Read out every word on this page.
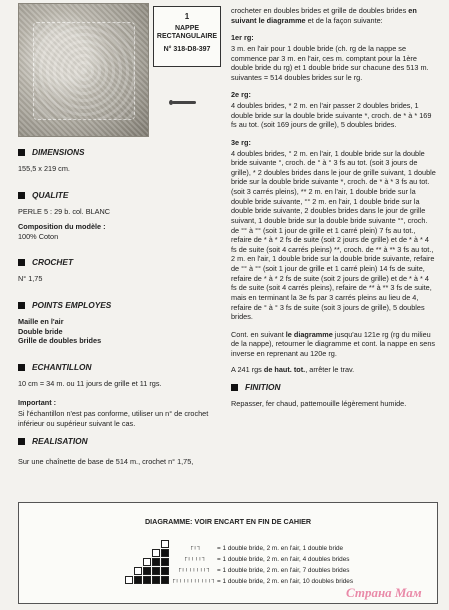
1
NAPPE
RECTANGULAIRE
N° 318-D8-397
DIMENSIONS

155,5 x 219 cm.

QUALITE

PERLE 5 : 29 b. col. BLANC

Composition du modèle :

100% Coton

CROCHET

N° 1,75

POINTS EMPLOYES
Maille en l'air
Double bride
Grille de doubles brides
ECHANTILLON

10 cm = 34 m. ou 11 jours de grille et 11 rgs.

Important :

Si l'échantillon n'est pas conforme, utiliser un n° de crochet inférieur ou supérieur suivant le cas.

REALISATION

Sur une chaînette de base de 514 m., crochet n° 1,75,

crocheter en doubles brides et grille de doubles brides en suivant le diagramme et de la façon suivante:

1er rg:

3 m. en l'air pour 1 double bride (ch. rg de la nappe se commence par 3 m. en l'air, ces m. comptant pour la 1ère double bride du rg) et 1 double bride sur chacune des 513 m. suivantes = 514 doubles brides sur le rg.

2e rg:

4 doubles brides, * 2 m. en l'air passer 2 doubles brides, 1 double bride sur la double bride suivante *, croch. de * à * 169 fs au tot. (soit 169 jours de grille), 5 doubles brides.

3e rg:

4 doubles brides, ° 2 m. en l'air, 1 double bride sur la double bride suivante °, croch. de ° à ° 3 fs au tot. (soit 3 jours de grille), * 2 doubles brides dans le jour de grille suivant, 1 double bride sur la double bride suivante *, croch. de * à * 3 fs au tot. (soit 3 carrés pleins), ** 2 m. en l'air, 1 double bride sur la double bride suivante, °° 2 m. en l'air, 1 double bride sur la double bride suivante, 2 doubles brides dans le jour de grille suivant, 1 double bride sur la double bride suivante °°, croch. de °° à °° (soit 1 jour de grille et 1 carré plein) 7 fs au tot., refaire de * à * 2 fs de suite (soit 2 jours de grille) et de * à * 4 fs de suite (soit 4 carrés pleins) **, croch. de ** à ** 3 fs au tot., 2 m. en l'air, 1 double bride sur la double bride suivante, refaire de °° à °° (soit 1 jour de grille et 1 carré plein) 14 fs de suite, refaire de * à * 2 fs de suite (soit 2 jours de grille) et de * à * 4 fs de suite (soit 4 carrés pleins), refaire de ** à ** 3 fs de suite, mais en terminant la 3e fs par 3 carrés pleins au lieu de 4, refaire de ° à ° 3 fs de suite (soit 3 jours de grille), 5 doubles brides.

Cont. en suivant le diagramme jusqu'au 121e rg (rg du milieu de la nappe), retourner le diagramme et cont. la nappe en sens inverse en reprenant au 120e rg.

A 241 rgs de haut. tot., arrêter le trav.

FINITION

Repasser, fer chaud, pattemouille légèrement humide.

DIAGRAMME: VOIR ENCART EN FIN DE CAHIER
= 1 double bride, 2 m. en l'air, 1 double bride
= 1 double bride, 2 m. en l'air, 4 doubles brides
= 1 double bride, 2 m. en l'air, 7 doubles brides
= 1 double bride, 2 m. en l'air, 10 doubles brides
┌╷┐
┌╷╷╷╷┐
┌╷╷╷╷╷╷╷┐
┌╷╷╷╷╷╷╷╷╷╷┐
Страна Мам
